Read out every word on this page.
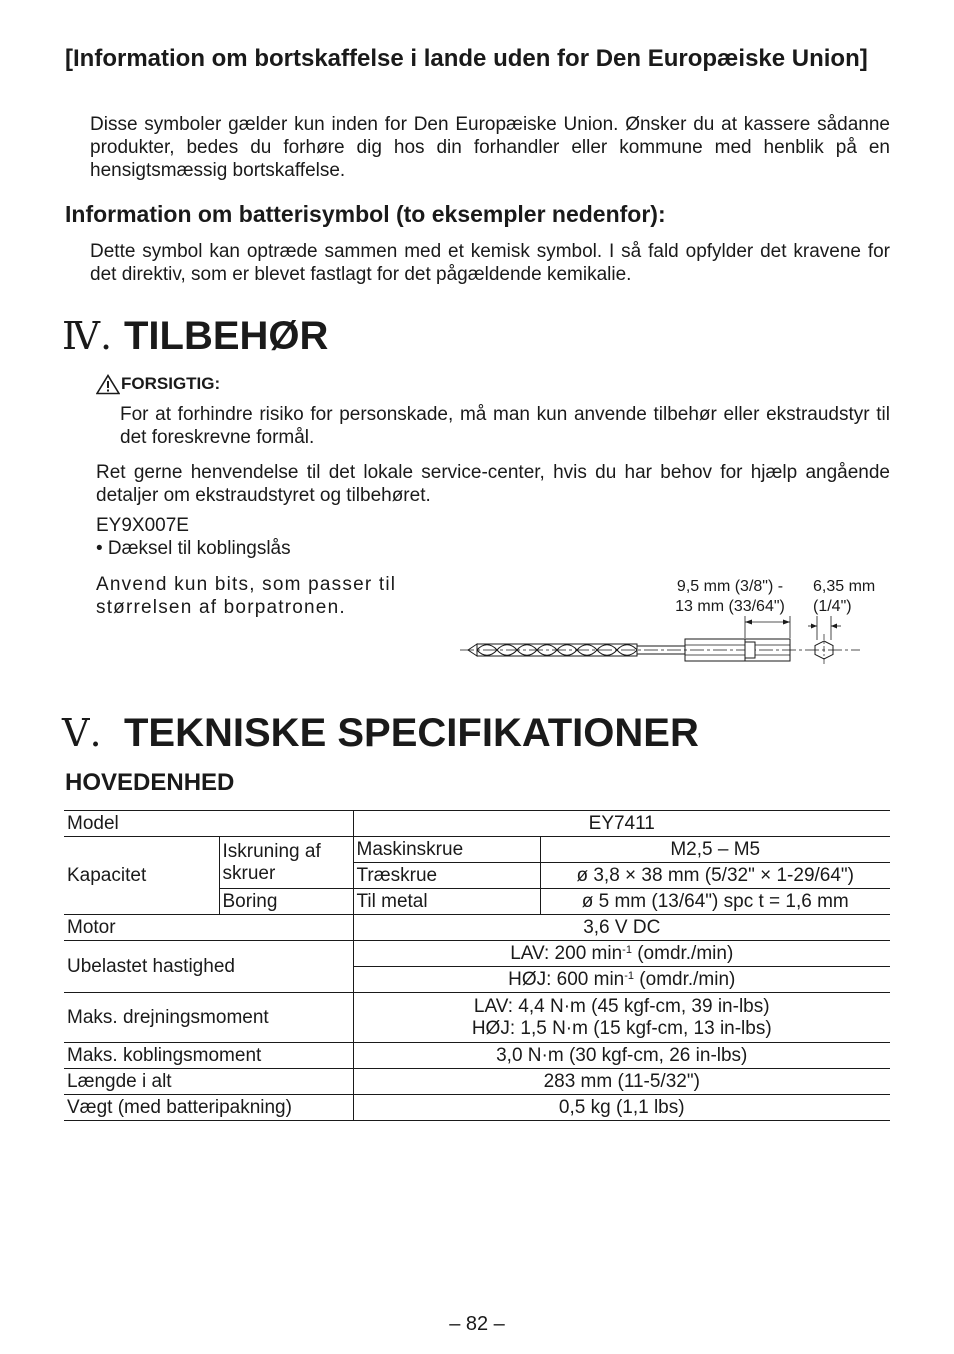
[Information om bortskaffelse i lande uden for Den Europæiske Union]

Disse symboler gælder kun inden for Den Europæiske Union. Ønsker du at kassere sådanne produkter, bedes du forhøre dig hos din forhandler eller kommune med henblik på en hensigtsmæssig bortskaffelse.

Information om batterisymbol (to eksempler nedenfor):

Dette symbol kan optræde sammen med et kemisk symbol. I så fald opfylder det kravene for det direktiv, som er blevet fastlagt for det pågældende kemikalie.

Ⅳ. TILBEHØR
FORSIGTIG:

For at forhindre risiko for personskade, må man kun anvende tilbehør eller ekstraudstyr til det foreskrevne formål.

Ret gerne henvendelse til det lokale service-center, hvis du har behov for hjælp angående detaljer om ekstraudstyret og tilbehøret.

EY9X007E
• Dæksel til koblingslås

Anvend kun bits, som passer til størrelsen af borpatronen.

9,5 mm (3/8") -
13 mm (33/64")
6,35 mm
(1/4")
Ⅴ. TEKNISKE SPECIFIKATIONER
HOVEDENHED
Model		EY7411	
Kapacitet	Iskruning af skruer	Maskinskrue	M2,5 – M5
		Træskrue	ø 3,8 × 38 mm (5/32" × 1-29/64")
	Boring	Til metal	ø 5 mm (13/64") spc t = 1,6 mm
Motor		3,6 V DC	
Ubelastet hastighed		LAV: 200 $\min^{-1}$ (omdr./min)	
		HØJ: 600 $\min^{-1}$ (omdr./min)	
Maks. drejningsmoment		LAV: 4,4 N·m (45 kgf-cm, 39 in-lbs)
HØJ: 1,5 N·m (15 kgf-cm, 13 in-lbs)	

Maks. koblingsmoment		3,0 N·m (30 kgf-cm, 26 in-lbs)	
Længde i alt		283 mm (11-5/32")	
Vægt (med batteripakning)		0,5 kg (1,1 lbs)	
– 82 –
